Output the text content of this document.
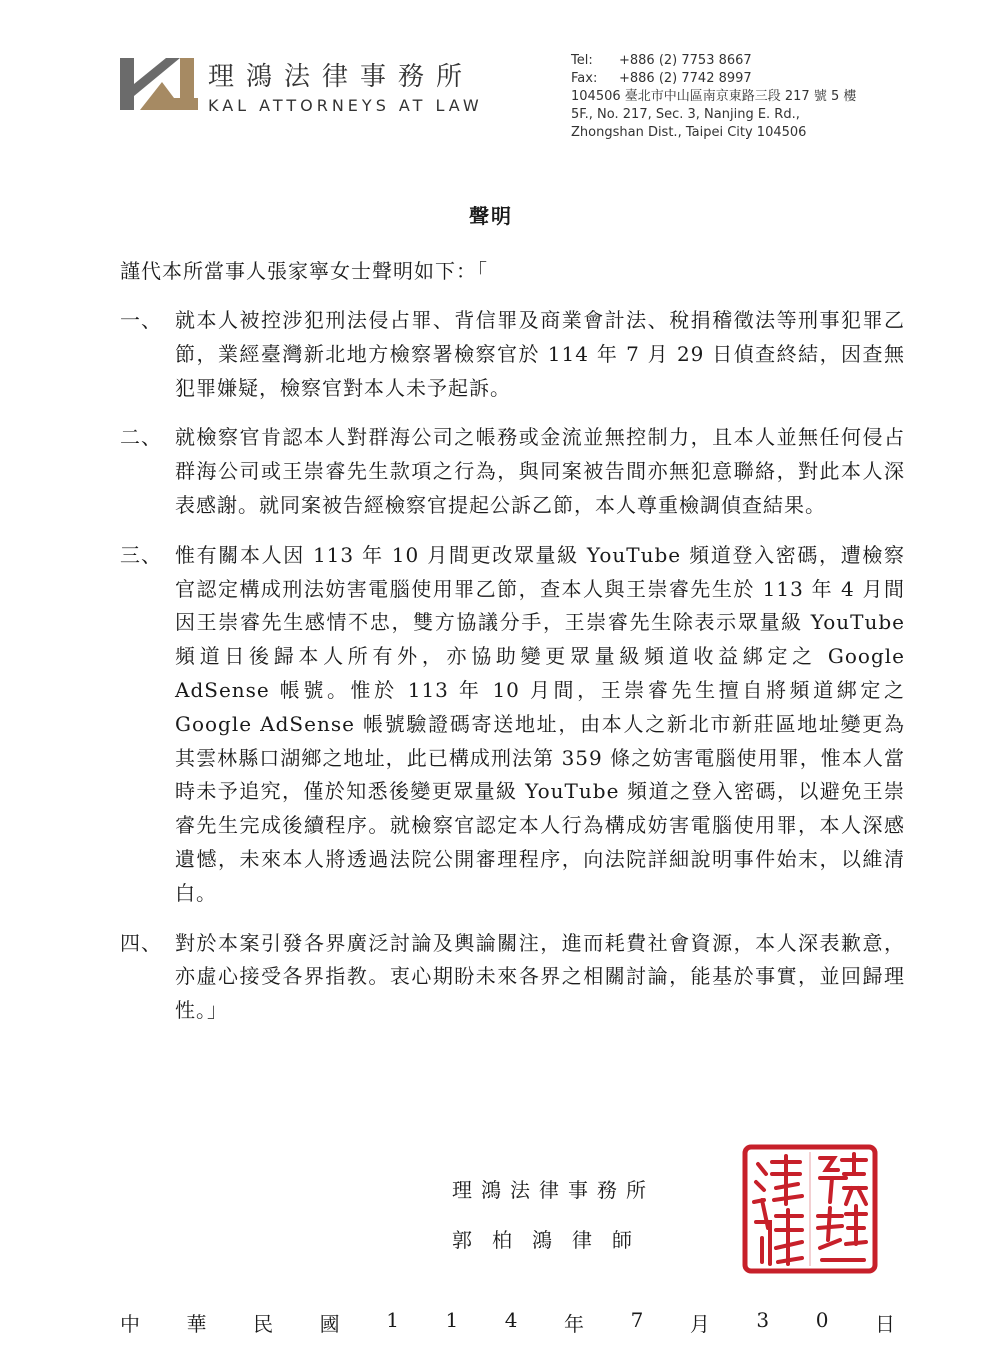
理鴻法律事務所
KAL ATTORNEYS AT LAW
Tel: +886 (2) 7753 8667
Fax: +886 (2) 7742 8997
104506 臺北市中山區南京東路三段 217 號 5 樓
5F., No. 217, Sec. 3, Nanjing E. Rd.,
Zhongshan Dist., Taipei City 104506
聲明
謹代本所當事人張家寧女士聲明如下：「
一、 就本人被控涉犯刑法侵占罪、背信罪及商業會計法、稅捐稽徵法等刑事犯罪乙節，業經臺灣新北地方檢察署檢察官於 114 年 7 月 29 日偵查終結，因查無犯罪嫌疑，檢察官對本人未予起訴。
二、 就檢察官肯認本人對群海公司之帳務或金流並無控制力，且本人並無任何侵占群海公司或王崇睿先生款項之行為，與同案被告間亦無犯意聯絡，對此本人深表感謝。就同案被告經檢察官提起公訴乙節，本人尊重檢調偵查結果。
三、 惟有關本人因 113 年 10 月間更改眾量級 YouTube 頻道登入密碼，遭檢察官認定構成刑法妨害電腦使用罪乙節，查本人與王崇睿先生於 113 年 4 月間因王崇睿先生感情不忠，雙方協議分手，王崇睿先生除表示眾量級 YouTube 頻道日後歸本人所有外，亦協助變更眾量級頻道收益綁定之 Google AdSense 帳號。惟於 113 年 10 月間，王崇睿先生擅自將頻道綁定之 Google AdSense 帳號驗證碼寄送地址，由本人之新北市新莊區地址變更為其雲林縣口湖鄉之地址，此已構成刑法第 359 條之妨害電腦使用罪，惟本人當時未予追究，僅於知悉後變更眾量級 YouTube 頻道之登入密碼，以避免王崇睿先生完成後續程序。就檢察官認定本人行為構成妨害電腦使用罪，本人深感遺憾，未來本人將透過法院公開審理程序，向法院詳細說明事件始末，以維清白。
四、 對於本案引發各界廣泛討論及輿論關注，進而耗費社會資源，本人深表歉意，亦虛心接受各界指教。衷心期盼未來各界之相關討論，能基於事實，並回歸理性。」
理鴻法律事務所
郭柏鴻律師
中 華 民 國 1 1 4 年 7 月 3 0 日
